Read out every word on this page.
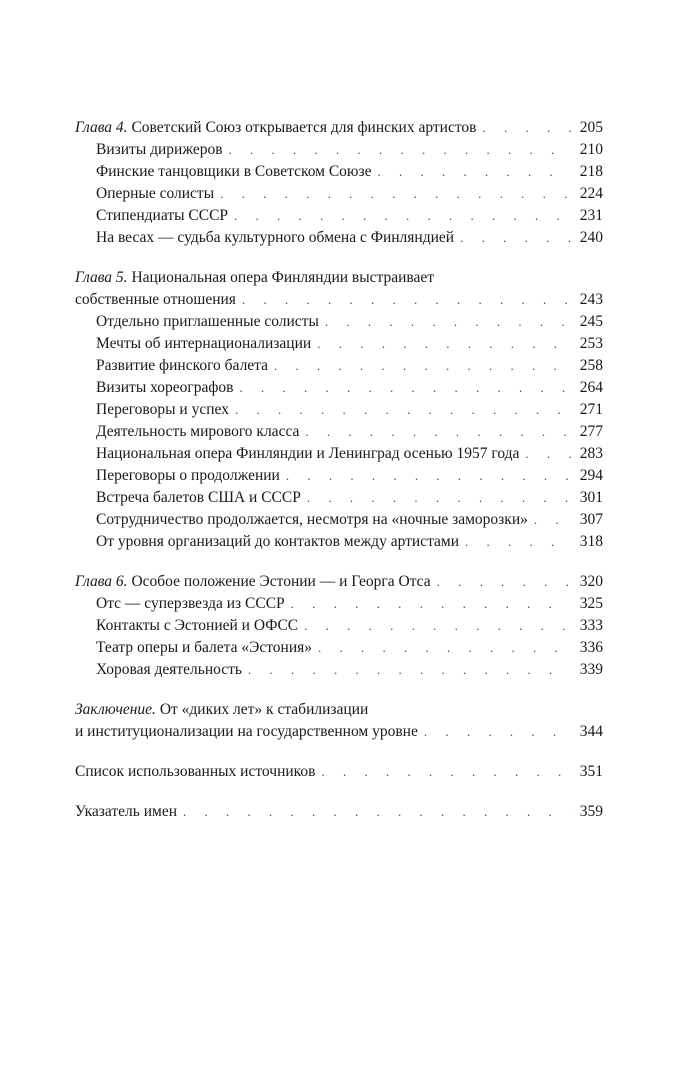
Глава 4. Советский Союз открывается для финских артистов . . .	205
Визиты дирижеров . . .	210
Финские танцовщики в Советском Союзе . . .	218
Оперные солисты . . .	224
Стипендиаты СССР . . .	231
На весах — судьба культурного обмена с Финляндией . . .	240
Глава 5. Национальная опера Финляндии выстраивает
собственные отношения . . .	243
Отдельно приглашенные солисты . . .	245
Мечты об интернационализации . . .	253
Развитие финского балета . . .	258
Визиты хореографов . . .	264
Переговоры и успех . . .	271
Деятельность мирового класса . . .	277
Национальная опера Финляндии и Ленинград осенью 1957 года . . .	283
Переговоры о продолжении . . .	294
Встреча балетов США и СССР . . .	301
Сотрудничество продолжается, несмотря на «ночные заморозки» . . .	307
От уровня организаций до контактов между артистами . . .	318
Глава 6. Особое положение Эстонии — и Георга Отса . . .	320
Отс — суперзвезда из СССР . . .	325
Контакты с Эстонией и ОФСС . . .	333
Театр оперы и балета «Эстония» . . .	336
Хоровая деятельность . . .	339
Заключение. От «диких лет» к стабилизации
и институционализации на государственном уровне . . .	344
Список использованных источников . . .	351
Указатель имен . . .	359
